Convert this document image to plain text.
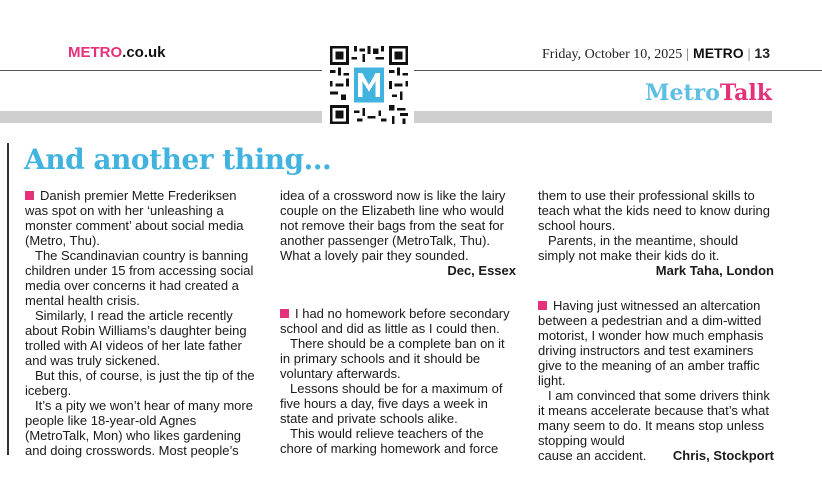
METRO.co.uk	Friday, October 10, 2025 | METRO | 13
MetroTalk
And another thing...

Danish premier Mette Frederiksen was spot on with her ‘unleashing a monster comment’ about social media (Metro, Thu).

The Scandinavian country is banning children under 15 from accessing social media over concerns it had created a mental health crisis.

Similarly, I read the article recently about Robin Williams’s daughter being trolled with AI videos of her late father and was truly sickened.

But this, of course, is just the tip of the iceberg.

It’s a pity we won’t hear of many more people like 18-year-old Agnes (MetroTalk, Mon) who likes gardening and doing crosswords. Most people’s

idea of a crossword now is like the lairy couple on the Elizabeth line who would not remove their bags from the seat for another passenger (MetroTalk, Thu). What a lovely pair they sounded.

Dec, Essex

I had no homework before secondary school and did as little as I could then.

There should be a complete ban on it in primary schools and it should be voluntary afterwards.

Lessons should be for a maximum of five hours a day, five days a week in state and private schools alike.

This would relieve teachers of the chore of marking homework and force

them to use their professional skills to teach what the kids need to know during school hours.

Parents, in the meantime, should simply not make their kids do it.

Mark Taha, London

Having just witnessed an altercation between a pedestrian and a dim-witted motorist, I wonder how much emphasis driving instructors and test examiners give to the meaning of an amber traffic light.

I am convinced that some drivers think it means accelerate because that’s what many seem to do. It means stop unless stopping would

cause an accident. Chris, Stockport
